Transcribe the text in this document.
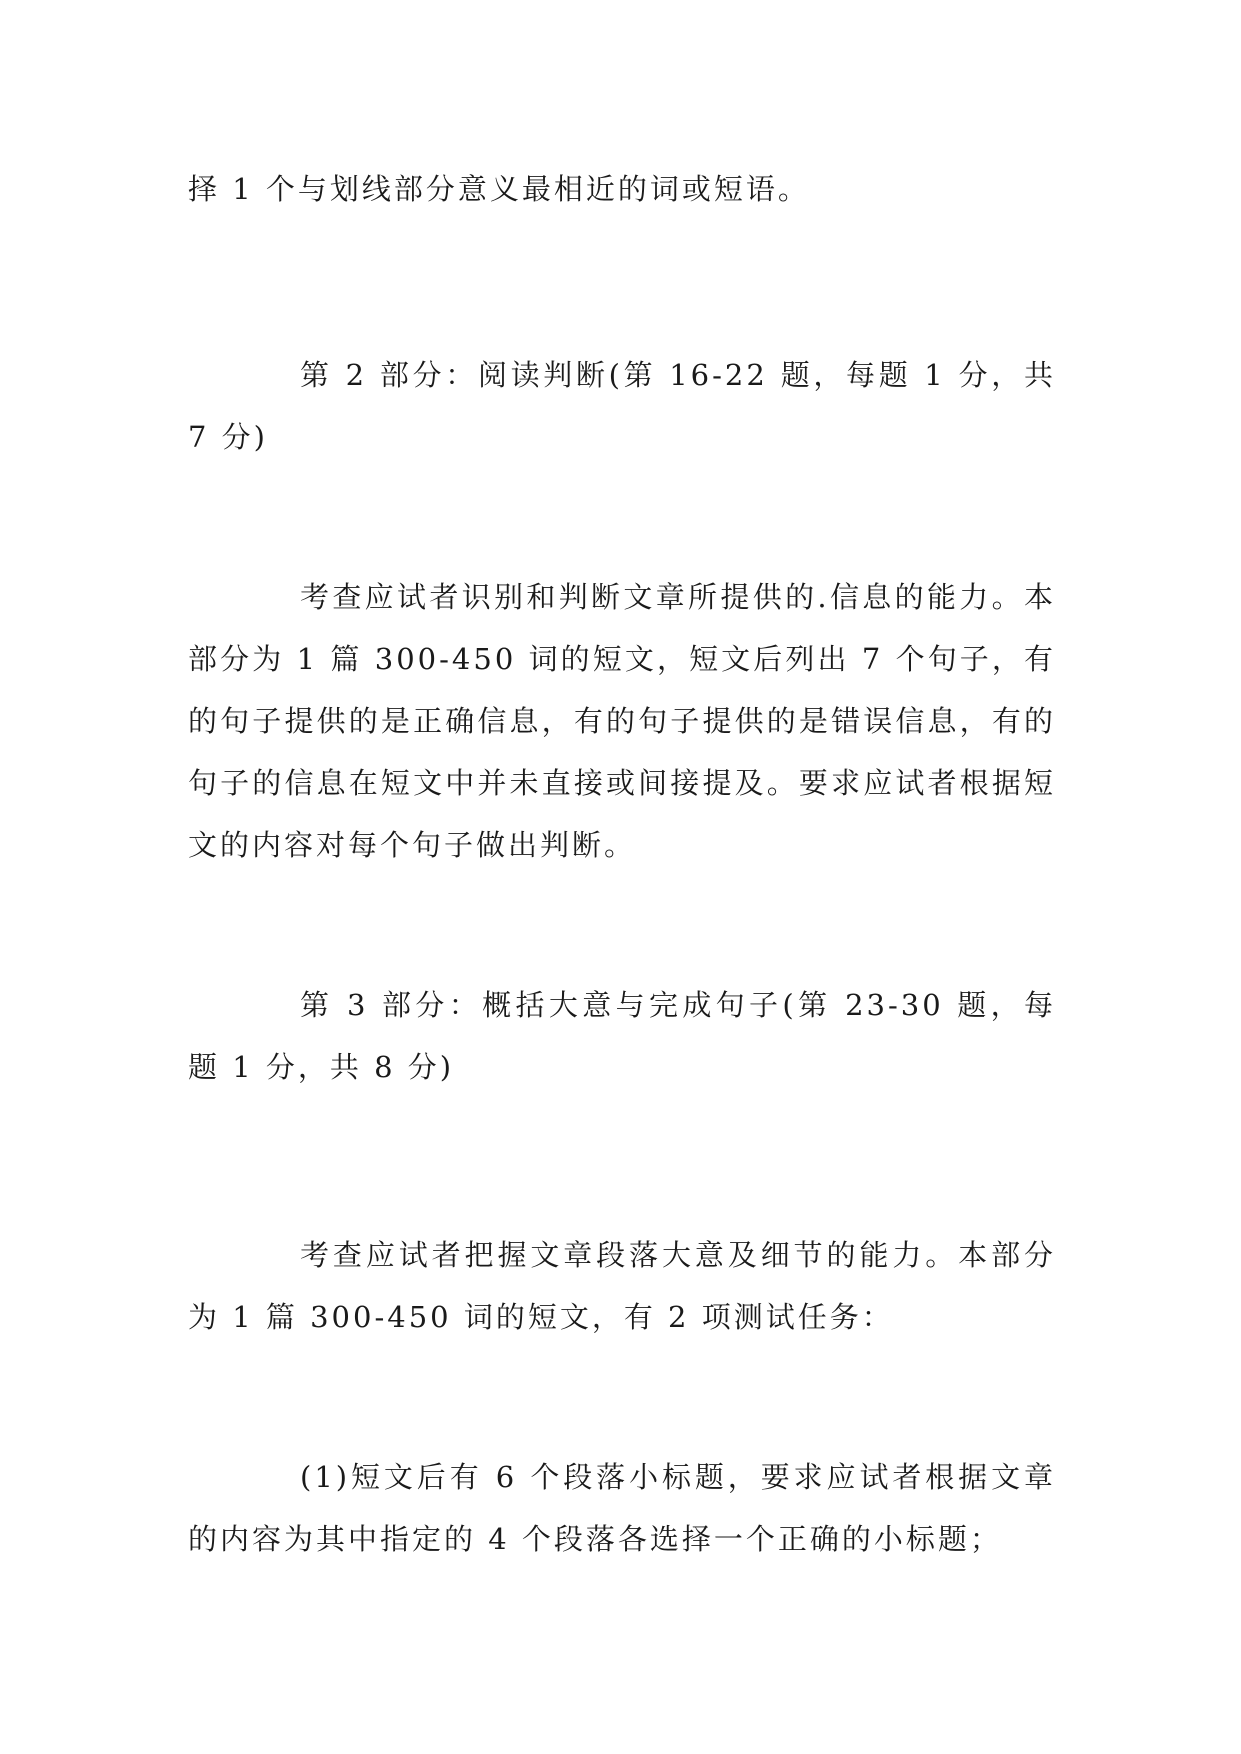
择 1 个与划线部分意义最相近的词或短语。

第 2 部分：阅读判断(第 16-22 题，每题 1 分，共 7 分)

考查应试者识别和判断文章所提供的.信息的能力。本部分为 1 篇 300-450 词的短文，短文后列出 7 个句子，有的句子提供的是正确信息，有的句子提供的是错误信息，有的句子的信息在短文中并未直接或间接提及。要求应试者根据短文的内容对每个句子做出判断。

第 3 部分：概括大意与完成句子(第 23-30 题，每题 1 分，共 8 分)

考查应试者把握文章段落大意及细节的能力。本部分为 1 篇 300-450 词的短文，有 2 项测试任务：

(1)短文后有 6 个段落小标题，要求应试者根据文章的内容为其中指定的 4 个段落各选择一个正确的小标题；
